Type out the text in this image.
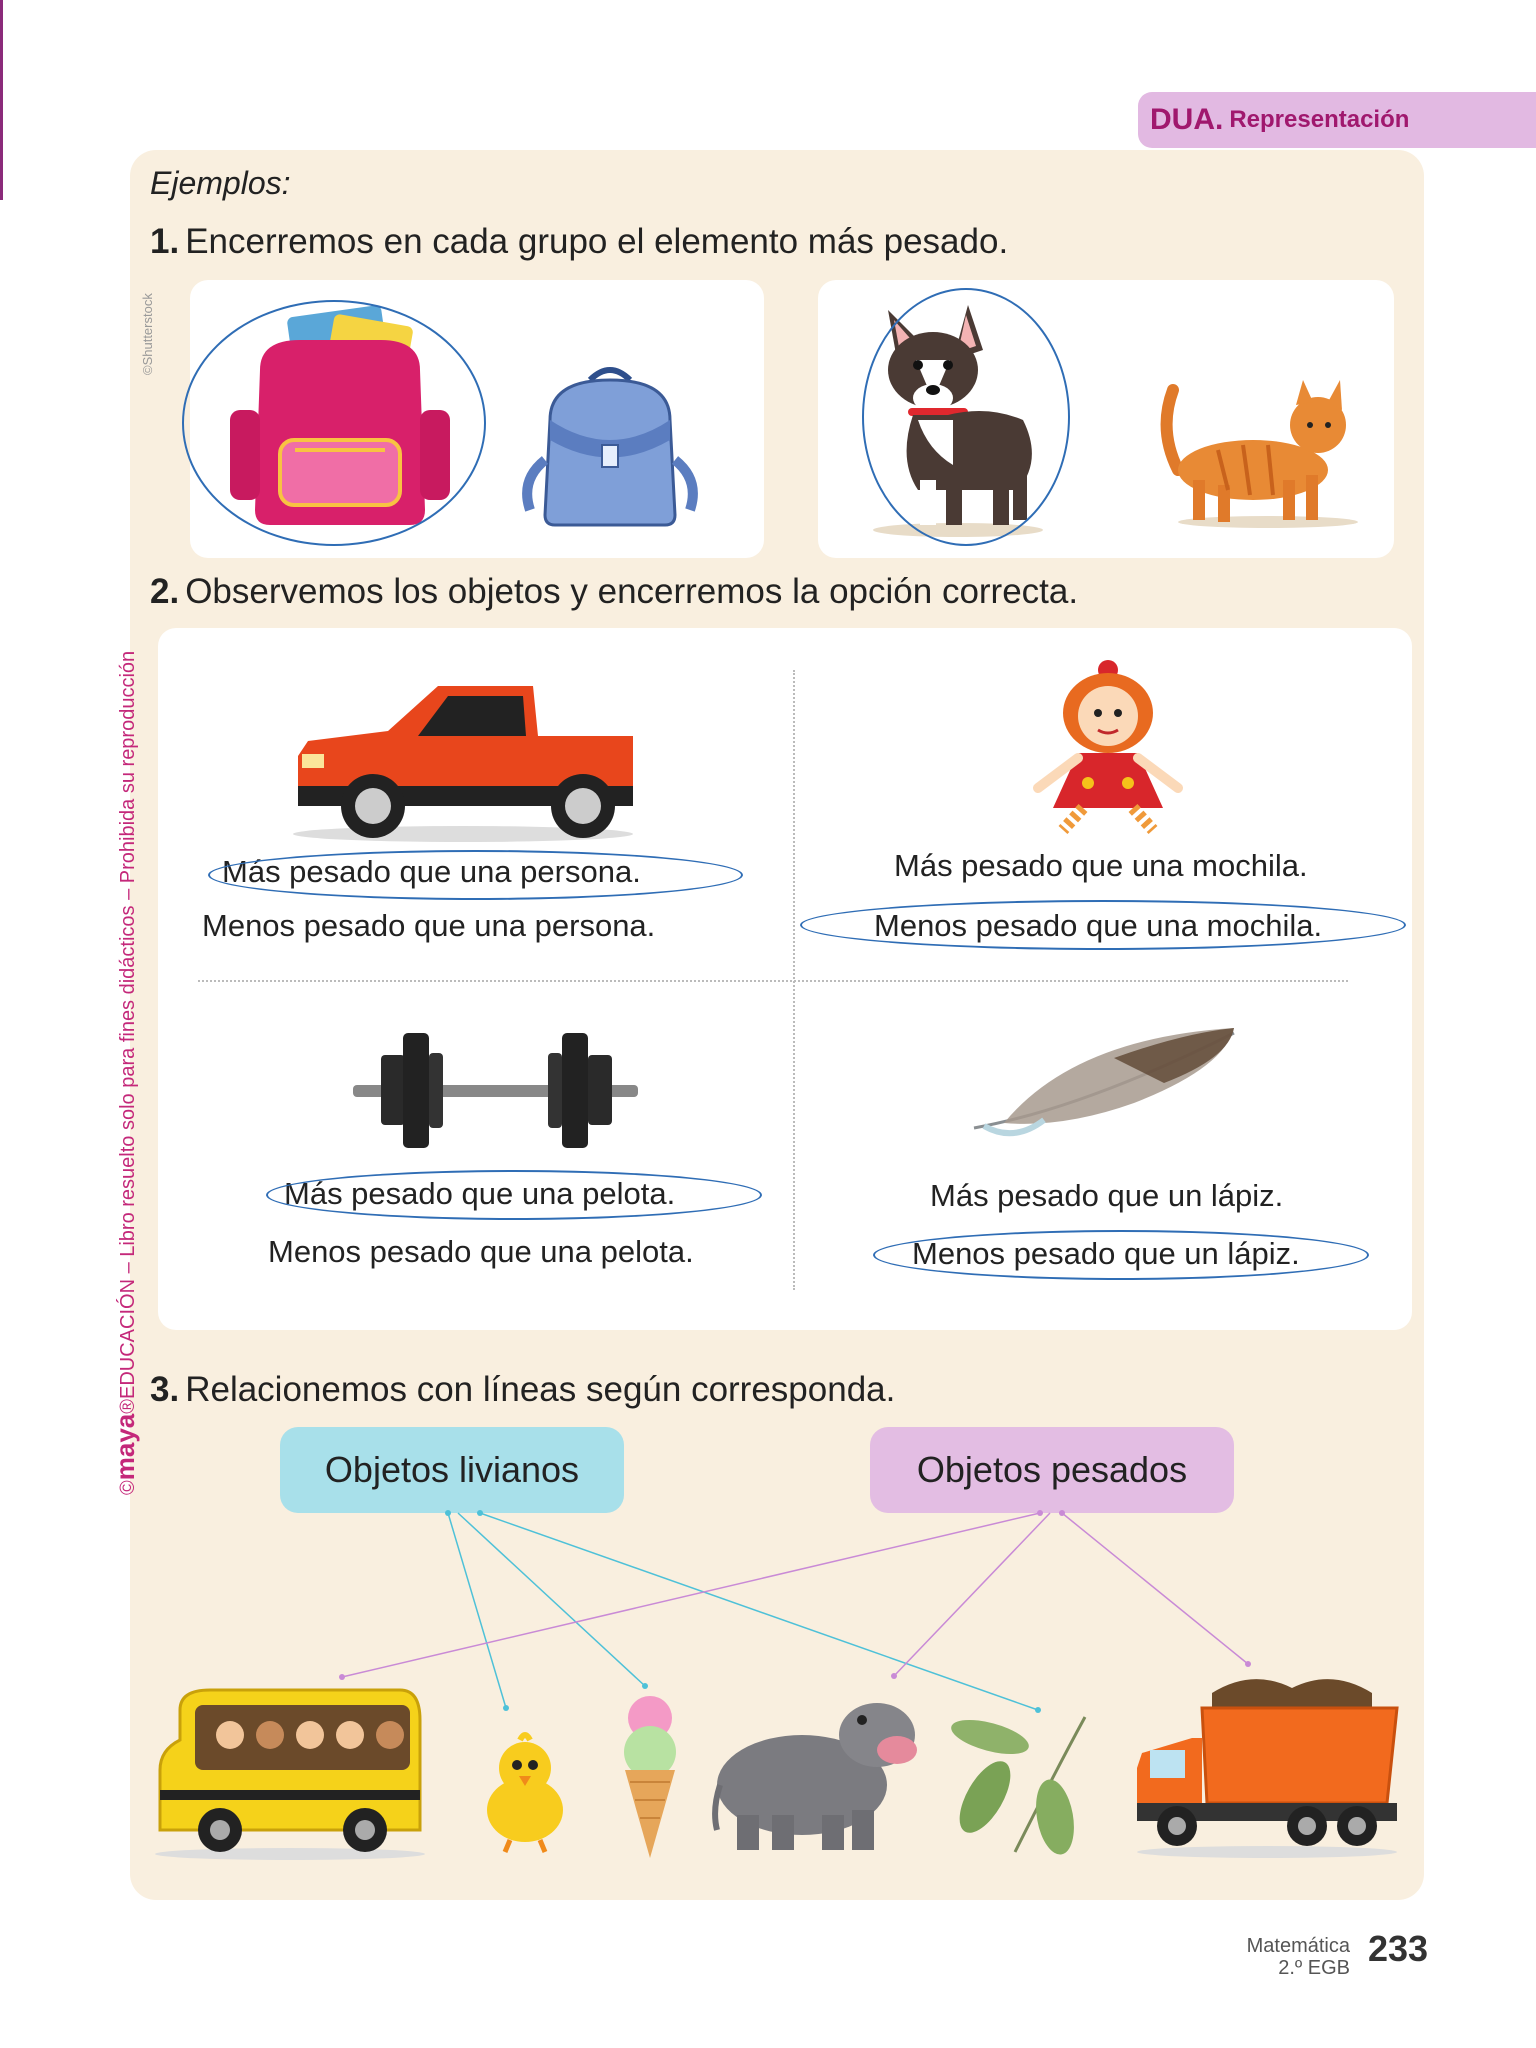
DUA. Representación
©maya®EDUCACIÓN – Libro resuelto solo para fines didácticos – Prohibida su reproducción
©Shutterstock
Ejemplos:
1. Encerremos en cada grupo el elemento más pesado.
2. Observemos los objetos y encerremos la opción correcta.
Más pesado que una persona.
Menos pesado que una persona.
Más pesado que una mochila.
Menos pesado que una mochila.
Más pesado que una pelota.
Menos pesado que una pelota.
Más pesado que un lápiz.
Menos pesado que un lápiz.
3. Relacionemos con líneas según corresponda.
Objetos livianos	Objetos pesados
Matemática
2.º EGB 233
